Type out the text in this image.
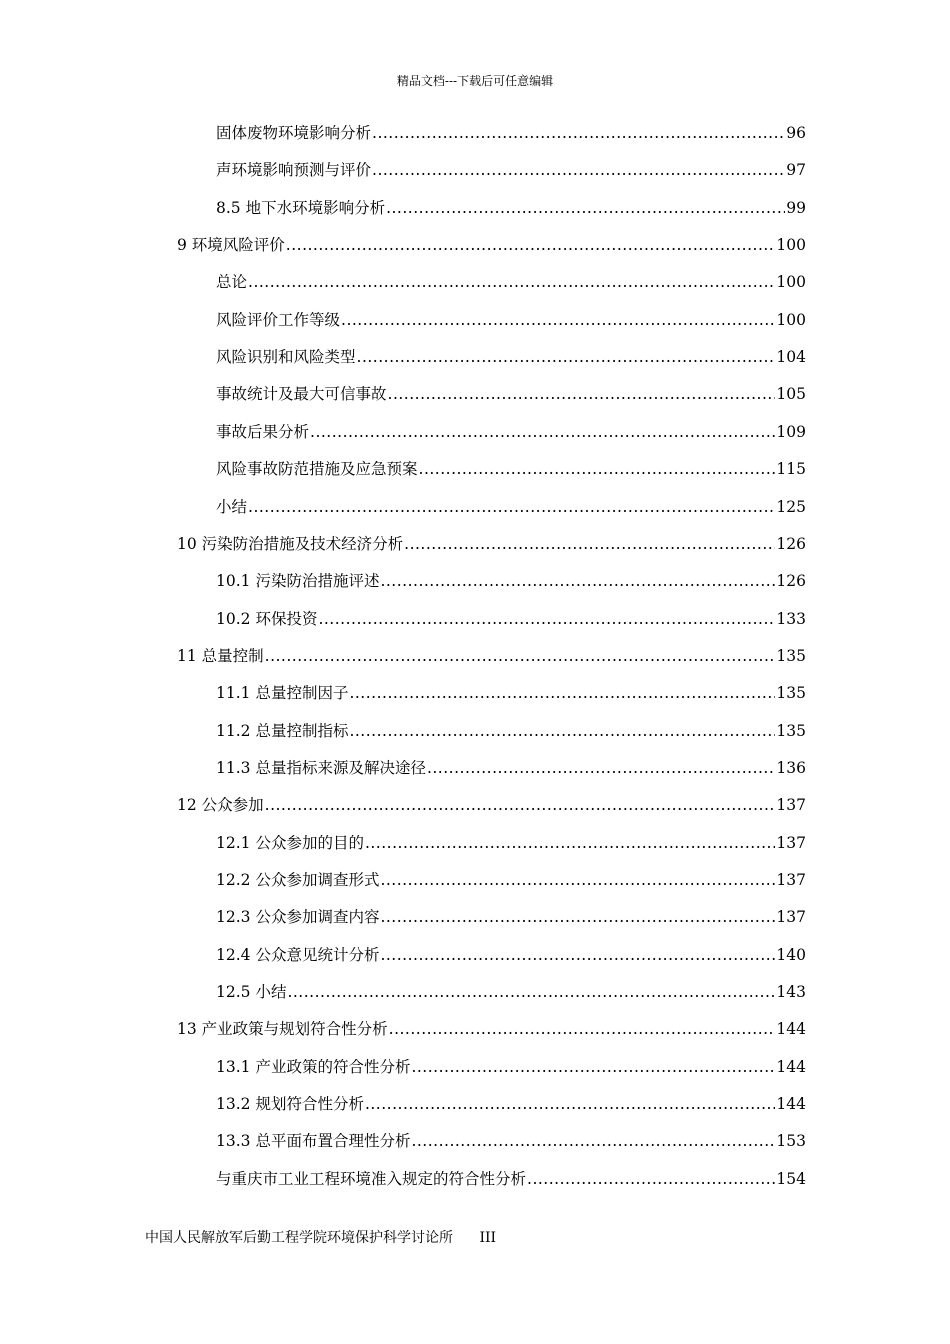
精品文档---下载后可任意编辑
固体废物环境影响分析 .....	96
声环境影响预测与评价 .....	97
8.5 地下水环境影响分析 .....	99
9 环境风险评价 .....	100
总论 .....	100
风险评价工作等级 .....	100
风险识别和风险类型 .....	104
事故统计及最大可信事故 .....	105
事故后果分析 .....	109
风险事故防范措施及应急预案 .....	115
小结 .....	125
10 污染防治措施及技术经济分析 .....	126
10.1 污染防治措施评述 .....	126
10.2 环保投资 .....	133
11 总量控制 .....	135
11.1 总量控制因子 .....	135
11.2 总量控制指标 .....	135
11.3 总量指标来源及解决途径 .....	136
12 公众参加 .....	137
12.1 公众参加的目的 .....	137
12.2 公众参加调查形式 .....	137
12.3 公众参加调查内容 .....	137
12.4 公众意见统计分析 .....	140
12.5 小结 .....	143
13 产业政策与规划符合性分析 .....	144
13.1 产业政策的符合性分析 .....	144
13.2 规划符合性分析 .....	144
13.3 总平面布置合理性分析 .....	153
与重庆市工业工程环境准入规定的符合性分析 .....	154
中国人民解放军后勤工程学院环境保护科学讨论所 III
